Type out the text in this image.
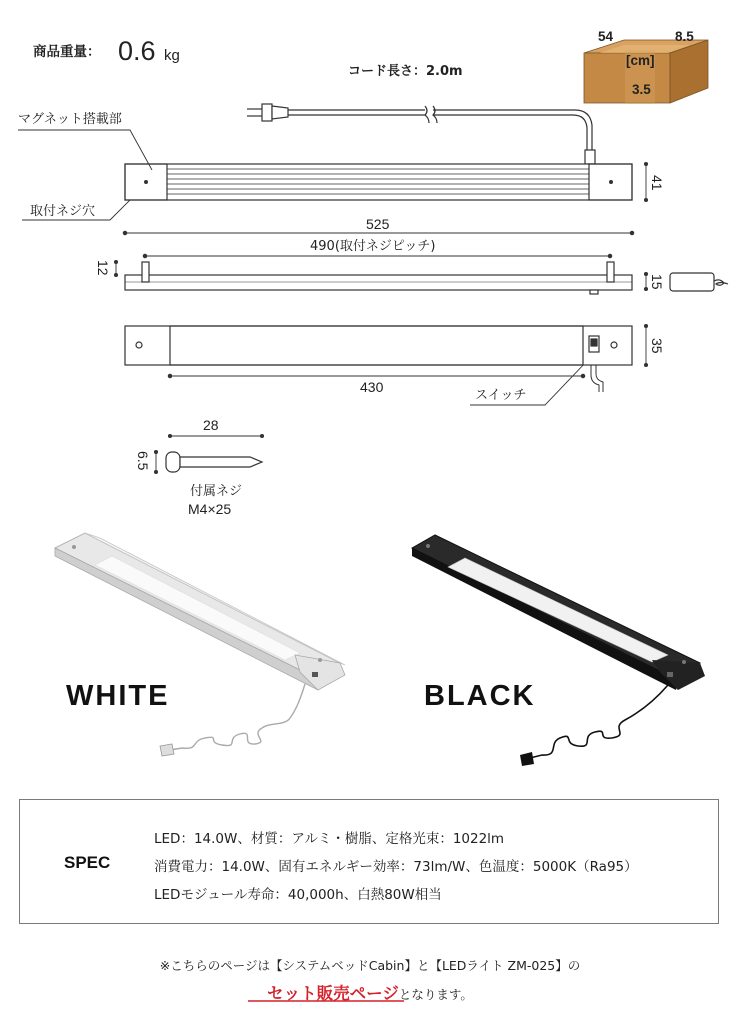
商品重量： 0.6 kg
54	8.5
[cm]
3.5
コード長さ：2.0m
マグネット搭載部
取付ネジ穴
スイッチ
525
490(取付ネジピッチ)
41
12
15
35
430
28
6.5
付属ネジ
M4×25
WHITE	BLACK
SPEC
LED：14.0W、材質：アルミ・樹脂、定格光束：1022lm
消費電力：14.0W、固有エネルギー効率：73lm/W、色温度：5000K（Ra95）
LEDモジュール寿命：40,000h、白熱80W相当
※こちらのページは【システムベッドCabin】と【LEDライト ZM-025】の
セット販売ページとなります。
